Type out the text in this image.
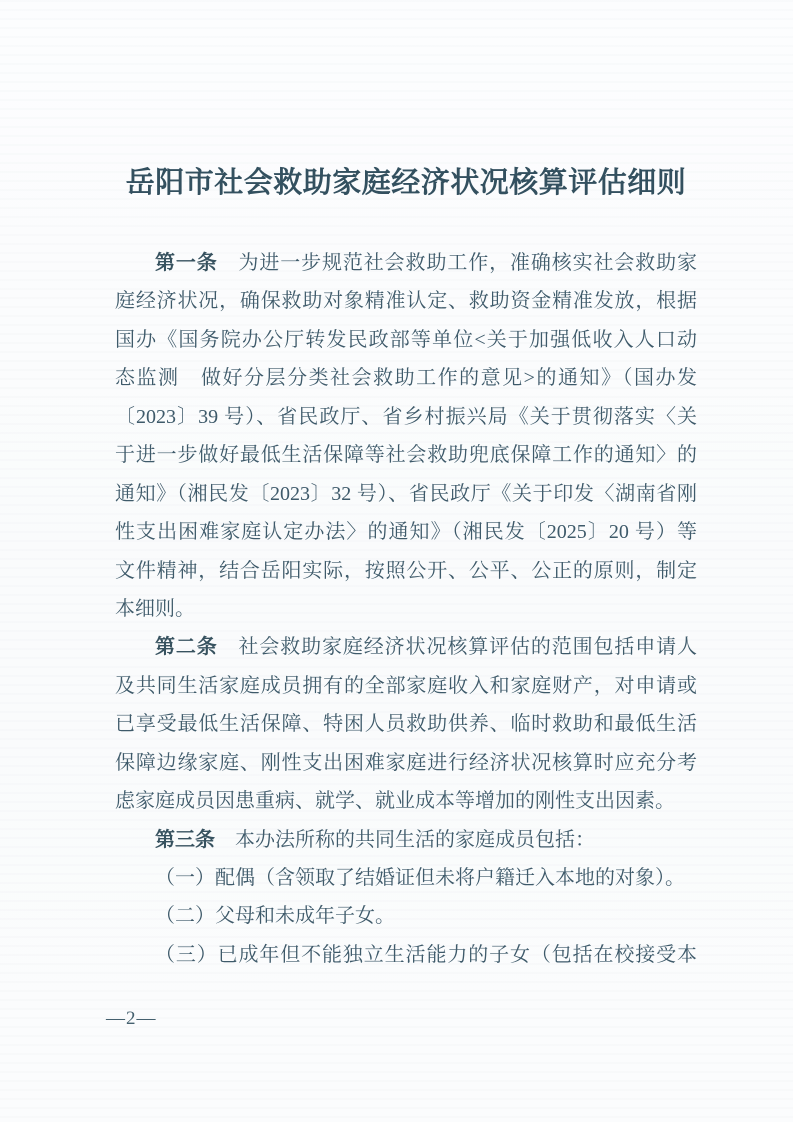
岳阳市社会救助家庭经济状况核算评估细则
第一条　为进一步规范社会救助工作，准确核实社会救助家
庭经济状况，确保救助对象精准认定、救助资金精准发放，根据
国办《国务院办公厅转发民政部等单位<关于加强低收入人口动
态监测　做好分层分类社会救助工作的意见>的通知》（国办发
〔2023〕39 号）、省民政厅、省乡村振兴局《关于贯彻落实〈关
于进一步做好最低生活保障等社会救助兜底保障工作的通知〉的
通知》（湘民发〔2023〕32 号）、省民政厅《关于印发〈湖南省刚
性支出困难家庭认定办法〉的通知》（湘民发〔2025〕20 号）等
文件精神，结合岳阳实际，按照公开、公平、公正的原则，制定
本细则。
第二条　社会救助家庭经济状况核算评估的范围包括申请人
及共同生活家庭成员拥有的全部家庭收入和家庭财产，对申请或
已享受最低生活保障、特困人员救助供养、临时救助和最低生活
保障边缘家庭、刚性支出困难家庭进行经济状况核算时应充分考
虑家庭成员因患重病、就学、就业成本等增加的刚性支出因素。
第三条　本办法所称的共同生活的家庭成员包括：
（一）配偶（含领取了结婚证但未将户籍迁入本地的对象）。
（二）父母和未成年子女。
（三）已成年但不能独立生活能力的子女（包括在校接受本
—2—
